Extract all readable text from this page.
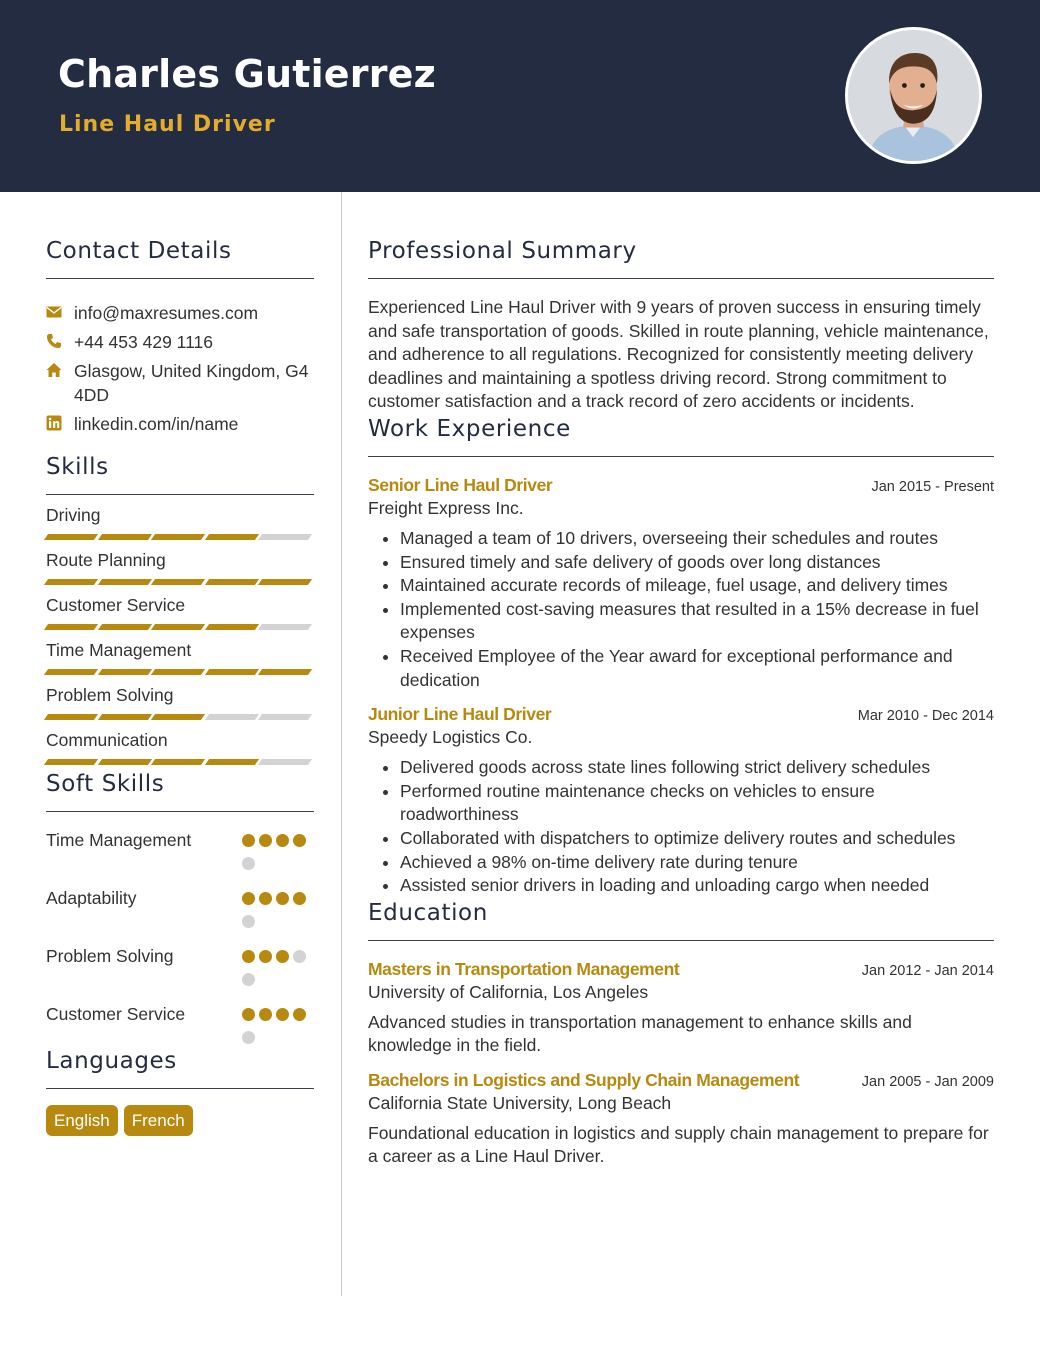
Charles Gutierrez
Line Haul Driver
Contact Details
info@maxresumes.com
+44 453 429 1116
Glasgow, United Kingdom, G4 4DD
linkedin.com/in/name
Skills
Driving
Route Planning
Customer Service
Time Management
Problem Solving
Communication
Soft Skills
Time Management
Adaptability
Problem Solving
Customer Service
Languages
English	French
Professional Summary

Experienced Line Haul Driver with 9 years of proven success in ensuring timely and safe transportation of goods. Skilled in route planning, vehicle maintenance, and adherence to all regulations. Recognized for consistently meeting delivery deadlines and maintaining a spotless driving record. Strong commitment to customer satisfaction and a track record of zero accidents or incidents.

Work Experience
Senior Line Haul Driver	Jan 2015 - Present
Freight Express Inc.
• Managed a team of 10 drivers, overseeing their schedules and routes
• Ensured timely and safe delivery of goods over long distances
• Maintained accurate records of mileage, fuel usage, and delivery times
• Implemented cost-saving measures that resulted in a 15% decrease in fuel expenses
• Received Employee of the Year award for exceptional performance and dedication
Junior Line Haul Driver	Mar 2010 - Dec 2014
Speedy Logistics Co.
• Delivered goods across state lines following strict delivery schedules
• Performed routine maintenance checks on vehicles to ensure roadworthiness
• Collaborated with dispatchers to optimize delivery routes and schedules
• Achieved a 98% on-time delivery rate during tenure
• Assisted senior drivers in loading and unloading cargo when needed
Education
Masters in Transportation Management	Jan 2012 - Jan 2014
University of California, Los Angeles

Advanced studies in transportation management to enhance skills and knowledge in the field.

Bachelors in Logistics and Supply Chain Management	Jan 2005 - Jan 2009
California State University, Long Beach

Foundational education in logistics and supply chain management to prepare for a career as a Line Haul Driver.
